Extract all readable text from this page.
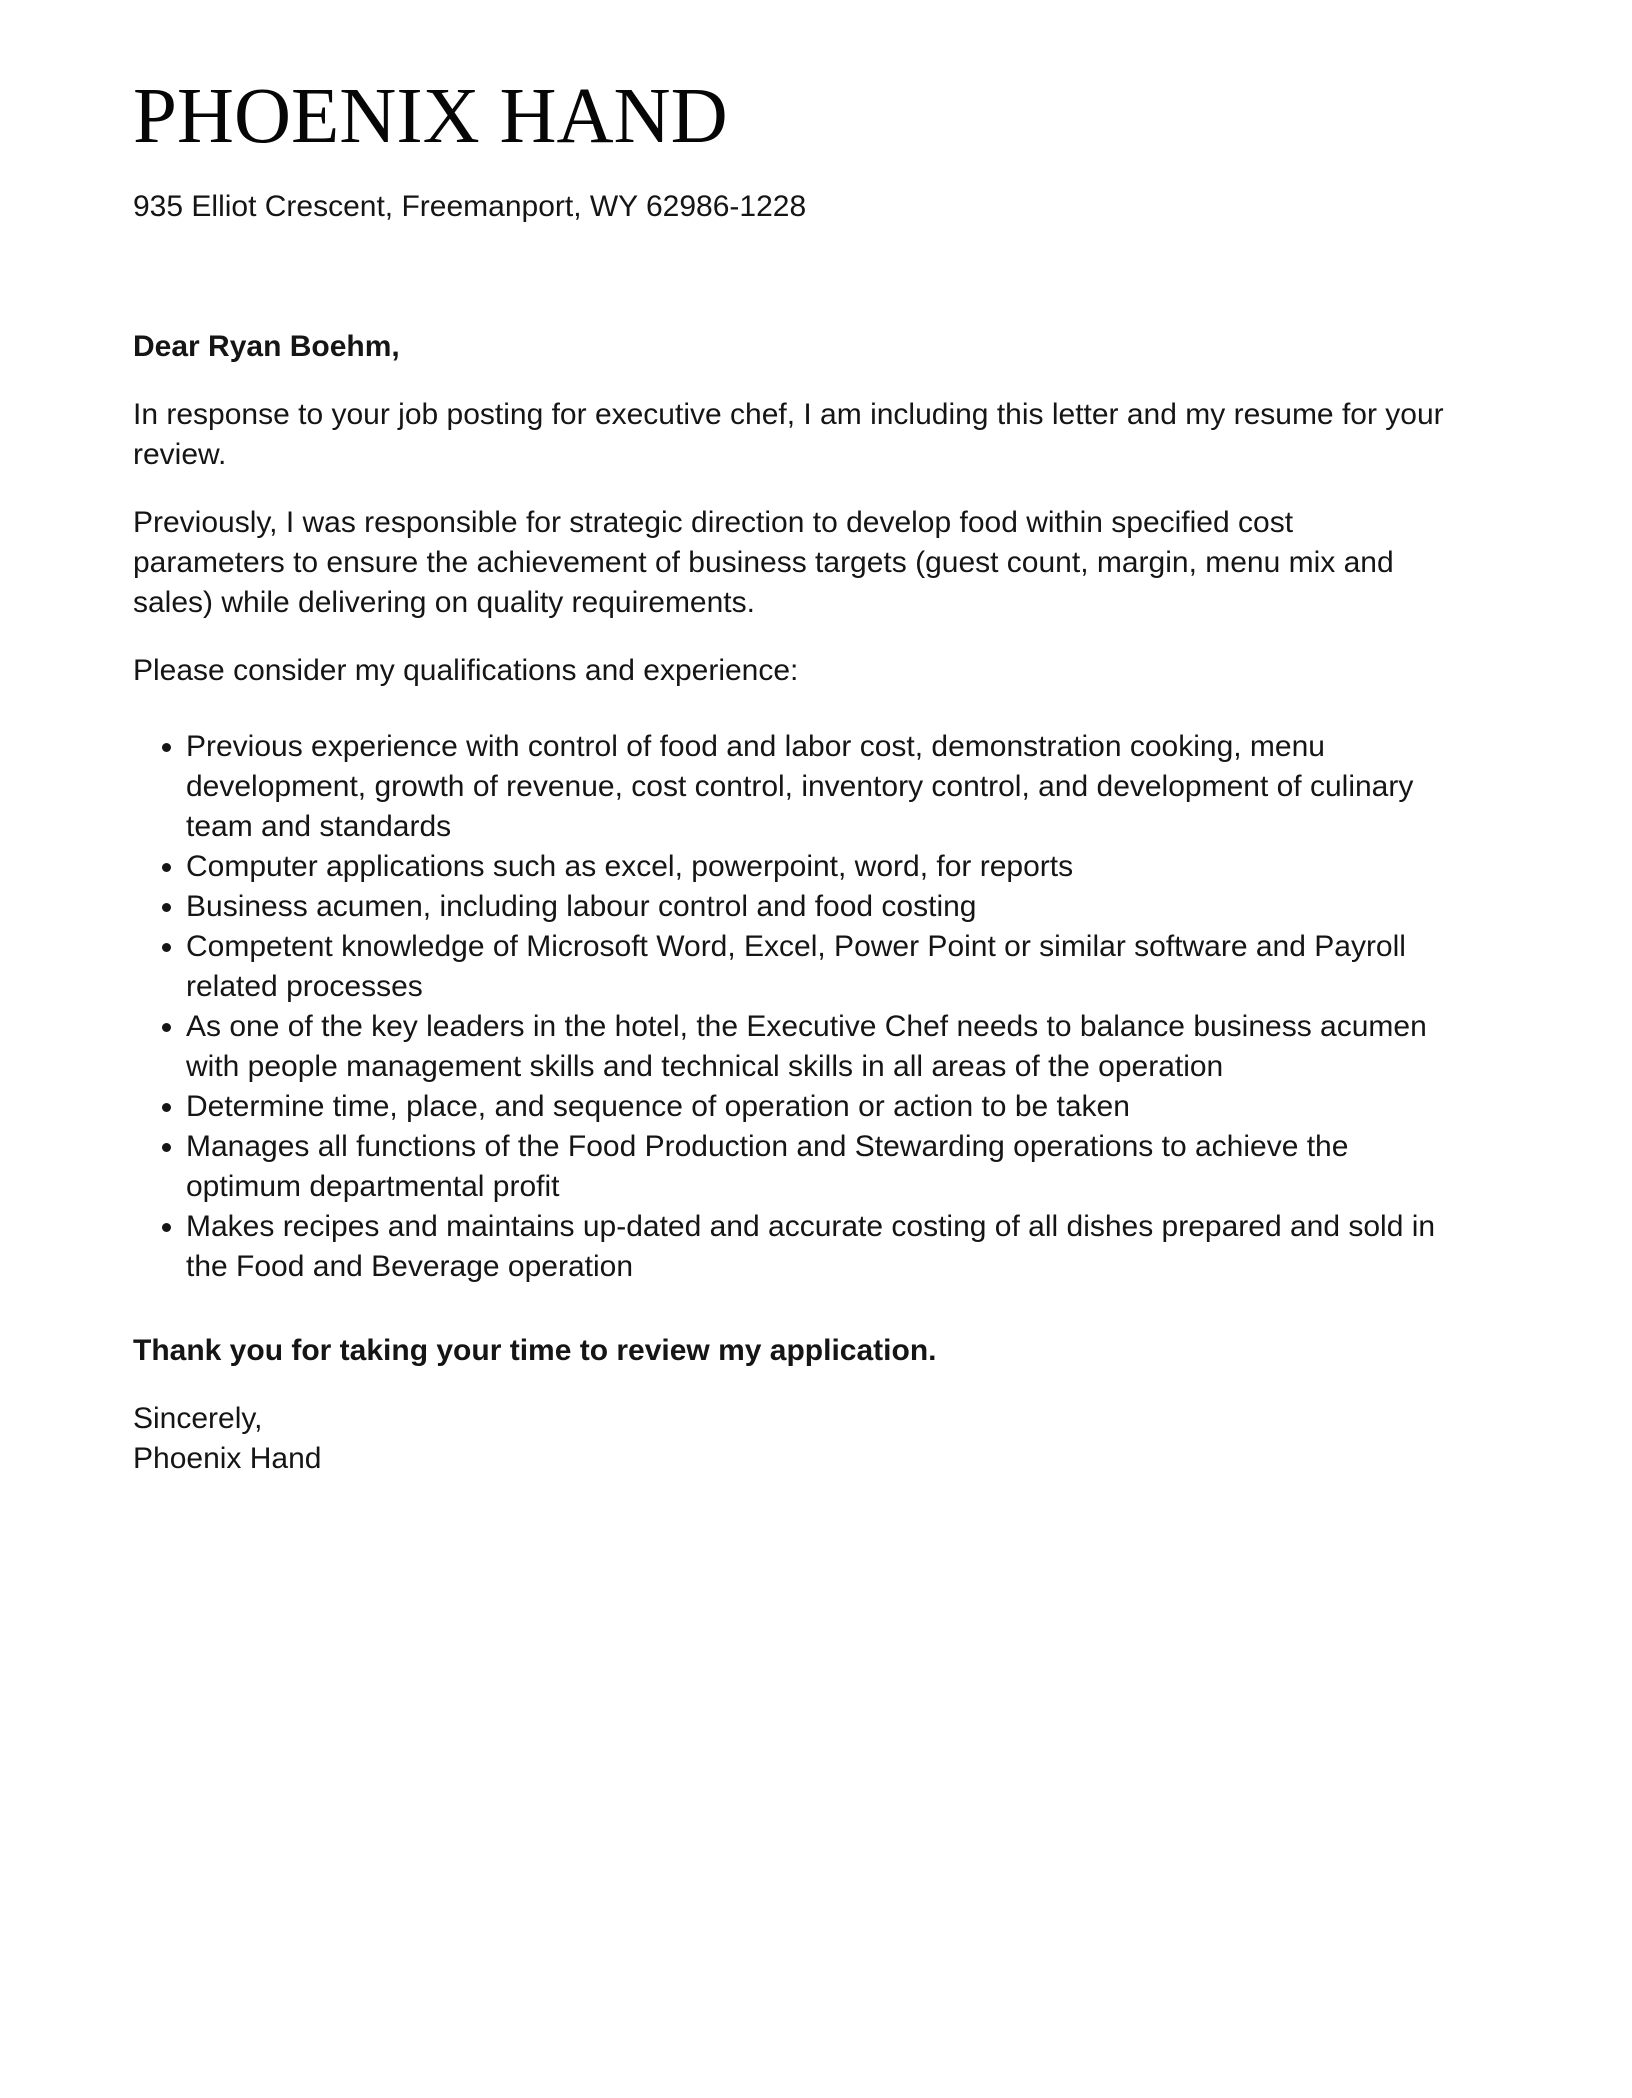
PHOENIX HAND

935 Elliot Crescent, Freemanport, WY 62986-1228

Dear Ryan Boehm,

In response to your job posting for executive chef, I am including this letter and my resume for your review.

Previously, I was responsible for strategic direction to develop food within specified cost parameters to ensure the achievement of business targets (guest count, margin, menu mix and sales) while delivering on quality requirements.

Please consider my qualifications and experience:

• Previous experience with control of food and labor cost, demonstration cooking, menu development, growth of revenue, cost control, inventory control, and development of culinary team and standards
• Computer applications such as excel, powerpoint, word, for reports
• Business acumen, including labour control and food costing
• Competent knowledge of Microsoft Word, Excel, Power Point or similar software and Payroll related processes
• As one of the key leaders in the hotel, the Executive Chef needs to balance business acumen with people management skills and technical skills in all areas of the operation
• Determine time, place, and sequence of operation or action to be taken
• Manages all functions of the Food Production and Stewarding operations to achieve the optimum departmental profit
• Makes recipes and maintains up-dated and accurate costing of all dishes prepared and sold in the Food and Beverage operation

Thank you for taking your time to review my application.

Sincerely,
Phoenix Hand
